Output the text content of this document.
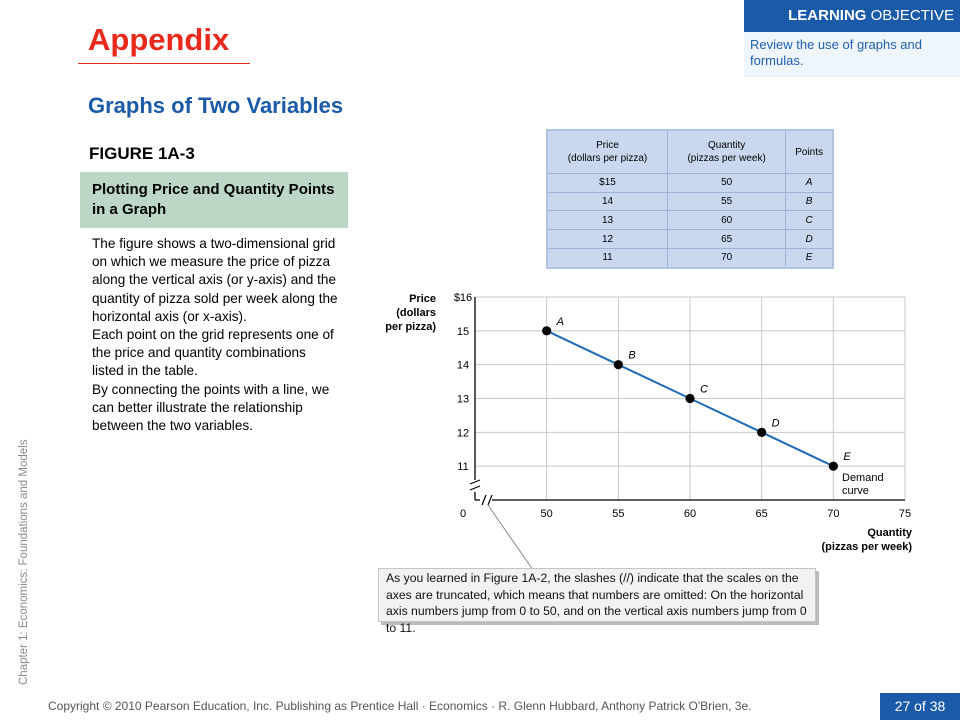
Appendix
LEARNING OBJECTIVE
Review the use of graphs and formulas.
Graphs of Two Variables
FIGURE 1A-3
Plotting Price and Quantity Points in a Graph

The figure shows a two-dimensional grid on which we measure the price of pizza along the vertical axis (or y-axis) and the quantity of pizza sold per week along the horizontal axis (or x-axis).

Each point on the grid represents one of the price and quantity combinations listed in the table.

By connecting the points with a line, we can better illustrate the relationship between the two variables.

Price
(dollars per pizza)	Quantity
(pizzas per week)	Points
$15	50	A
14	55	B
13	60	C
12	65	D
11	70	E
0	50	55	60	65	70	75
$16
15
14
13
12
11
Price (dollars per pizza)
Quantity (pizzas per week)
A
B
C
D
E
Demand curve
As you learned in Figure 1A-2, the slashes (//) indicate that the scales on the axes are truncated, which means that numbers are omitted: On the horizontal axis numbers jump from 0 to 50, and on the vertical axis numbers jump from 0 to 11.
Chapter 1: Economics: Foundations and Models
Copyright © 2010 Pearson Education, Inc. Publishing as Prentice Hall · Economics · R. Glenn Hubbard, Anthony Patrick O'Brien, 3e.	27 of 38
